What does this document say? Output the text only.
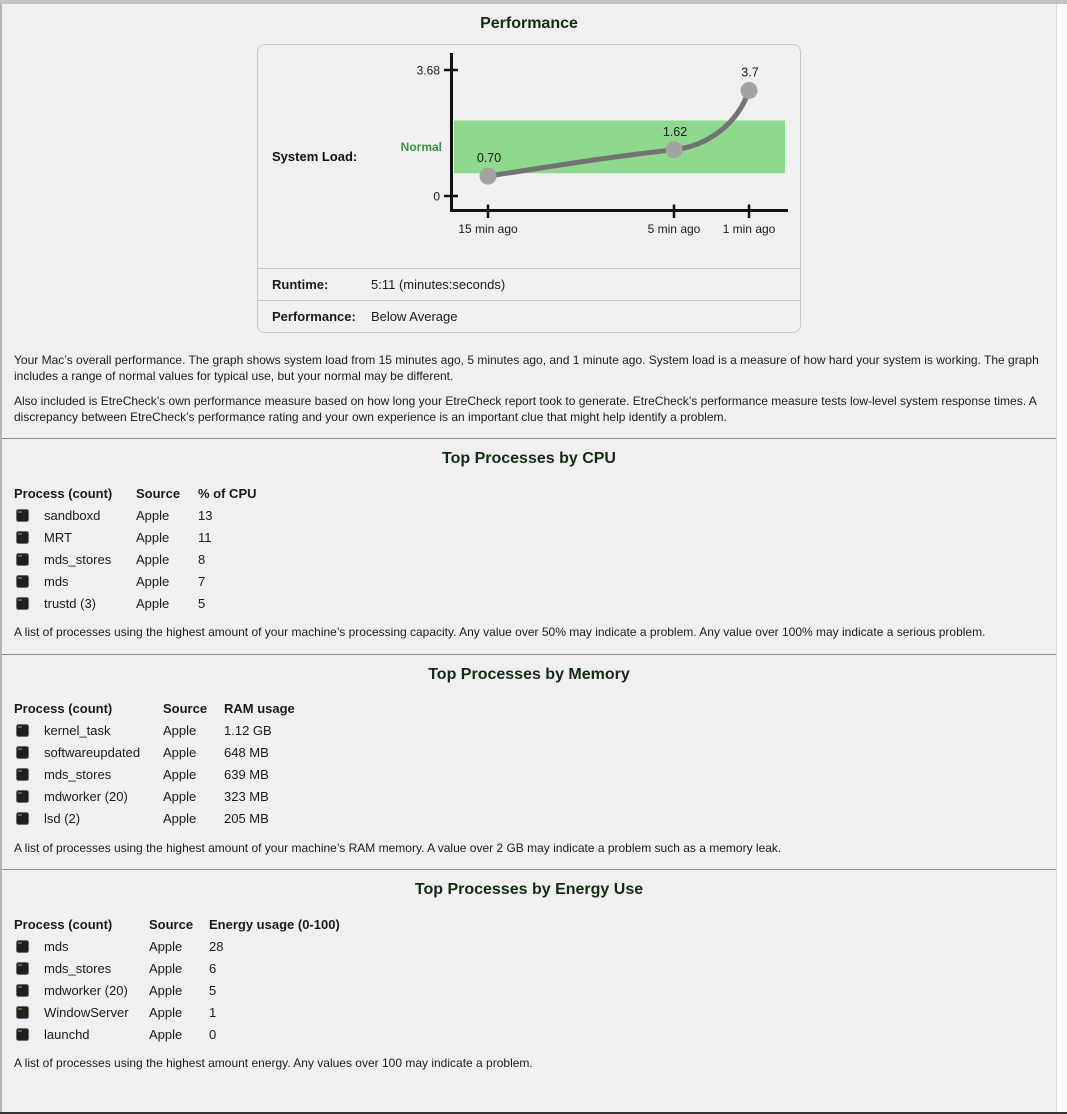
Performance
System Load:
3.68
0
Normal
0.70
1.62
3.7
15 min ago	5 min ago 1 min ago
Runtime:	5:11 (minutes:seconds)
Performance:	Below Average

Your Mac’s overall performance. The graph shows system load from 15 minutes ago, 5 minutes ago, and 1 minute ago. System load is a measure of how hard your system is working. The graph includes a range of normal values for typical use, but your normal may be different.

Also included is EtreCheck’s own performance measure based on how long your EtreCheck report took to generate. EtreCheck’s performance measure tests low-level system response times. A discrepancy between EtreCheck’s performance rating and your own experience is an important clue that might help identify a problem.

Top Processes by CPU
Process (count)	Source	% of CPU
sandboxd	Apple	13
MRT	Apple	11
mds_stores Apple	8
mds	Apple	7
trustd (3)	Apple	5

A list of processes using the highest amount of your machine’s processing capacity. Any value over 50% may indicate a problem. Any value over 100% may indicate a serious problem.

Top Processes by Memory
Process (count)	Source	RAM usage
kernel_task	Apple	1.12 GB
softwareupdated Apple	648 MB
mds_stores	Apple	639 MB
mdworker (20)	Apple	323 MB
lsd (2)	Apple	205 MB

A list of processes using the highest amount of your machine’s RAM memory. A value over 2 GB may indicate a problem such as a memory leak.

Top Processes by Energy Use
Process (count)	Source	Energy usage (0-100)
mds	Apple	28
mds_stores	Apple	6
mdworker (20) Apple	5
WindowServer Apple	1
launchd	Apple	0

A list of processes using the highest amount energy. Any values over 100 may indicate a problem.
